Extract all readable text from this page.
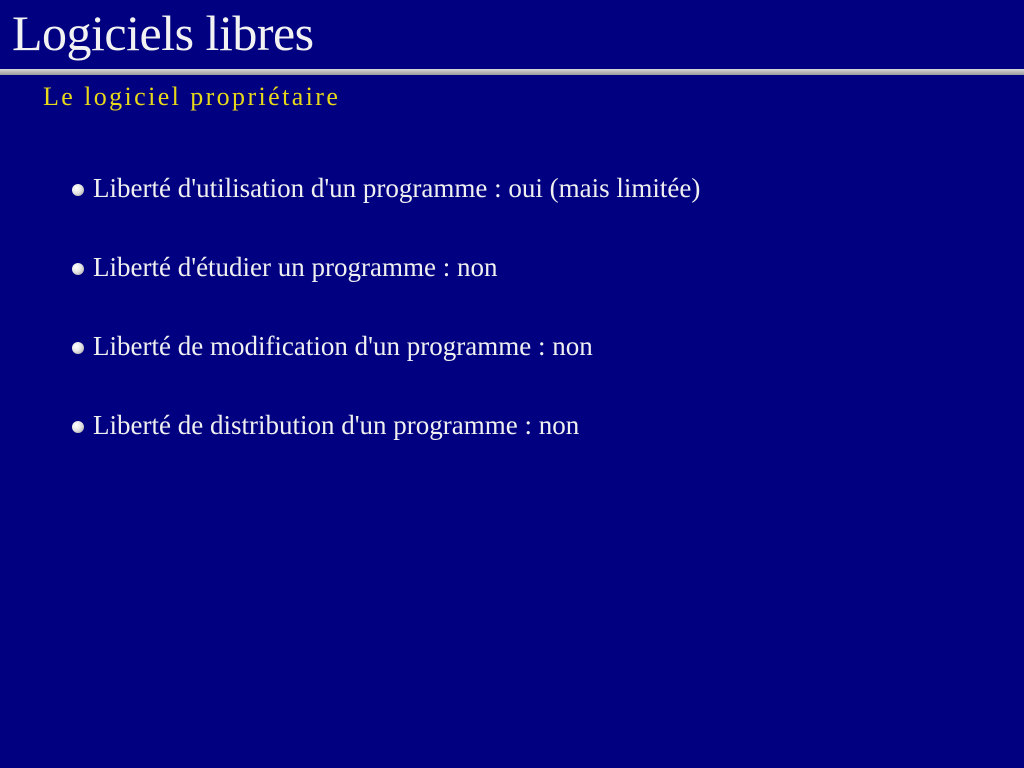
Logiciels libres
Le logiciel propriétaire
Liberté d'utilisation d'un programme : oui (mais limitée)
Liberté d'étudier un programme : non
Liberté de modification d'un programme : non
Liberté de distribution d'un programme : non
